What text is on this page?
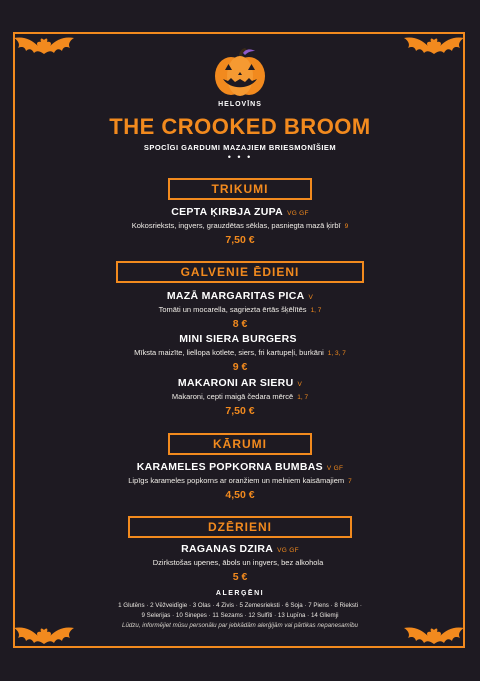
HELOVĪNS
THE CROOKED BROOM
SPOCĪGI GARDUMI MAZAJIEM BRIESMONĪŠIEM
• • •
TRIKUMI
CEPTA ĶIRBJA ZUPA VG GF
Kokosrieksts, ingvers, grauzdētas sēklas, pasniegta mazā ķirbī 9
7,50 €
GALVENIE ĒDIENI
MAZĀ MARGARITAS PICA V
Tomāti un mocarella, sagriezta ērtās šķēlītēs 1, 7
8 €
MINI SIERA BURGERS
Mīksta maizīte, liellopa kotlete, siers, fri kartupeļi, burkāni 1, 3, 7
9 €
MAKARONI AR SIERU V
Makaroni, cepti maigā čedara mērcē 1, 7
7,50 €
KĀRUMI
KARAMELES POPKORNA BUMBAS V GF
Lipīgs karameles popkorns ar oranžiem un melniem kaisāmajiem 7
4,50 €
DZĒRIENI
RAGANAS DZIRA VG GF
Dzirkstošas upenes, ābols un ingvers, bez alkohola
5 €
ALERĢĒNI
1 Glutēns · 2 Vēžveidīgie · 3 Olas · 4 Zivis · 5 Zemesrieksti · 6 Soja · 7 Piens · 8 Rieksti ·
9 Selerijas · 10 Sinepes · 11 Sezams · 12 Sulfīti · 13 Lupīna · 14 Gliemji
Lūdzu, informējiet mūsu personālu par jebkādām alerģijām vai pārtikas nepanesamību
